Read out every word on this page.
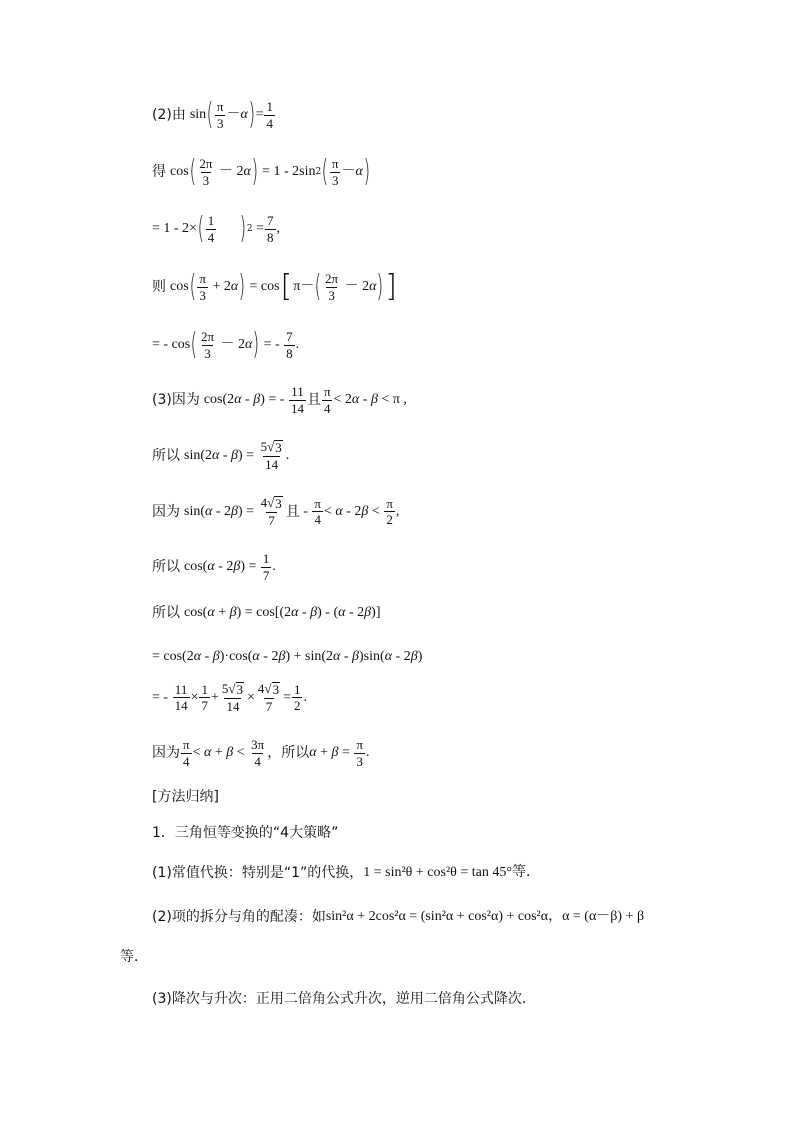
(2)由 sin ( $\frac{\pi}{3} - \alpha$ ) = $\frac{1}{4}$
得 cos ( $\frac{2\pi}{3}$
－ 2 α )
= 1 - 2 sin 2 ( $\frac{\pi}{3} - \alpha$ )
= 1 - 2 × ( $\frac{1}{4}$ ) 2
= $\frac{7}{8}$ ,
则 cos ( $\frac{\pi}{3} + 2$ α )
=
cos [ π － ( $\frac{2\pi}{3}$
－ 2 α ) ]
= - cos ( $\frac{2\pi}{3}$
－ 2 α ) = - $\frac{7}{8}$ .
(3)因为 cos (2 α - β ) = - $\frac{11}{14}$ 且 $\frac{\pi}{4} < 2$ α - β < π ,
所以 sin (2 α - β ) = $\frac{5 √ 3}{14}$ .
因为 sin ( α - 2 β ) = $\frac{4 √ 3}{7}$ 且 - $\frac{\pi}{4} < \alpha - 2$ $\beta < \frac{\pi}{2}$ ,
所以 cos ( α - 2 β ) = $\frac{1}{7}$ .
所以 cos( α + β ) = cos[(2 α - β ) - ( α - 2 β )]
= cos(2 α - β ) · cos( α - 2 β ) + sin(2 α - β )sin( α - 2 β )
= - $\frac{11}{14} \times \frac{1}{7} + \frac{5 √ 3}{14} \times \frac{4 √ 3}{7} = \frac{1}{2}$ .
因为 $\frac{\pi}{4} < \alpha + \beta < \frac{3\pi}{4}$ ，所以 $\alpha + \beta = \frac{\pi}{3}$ .
[方法归纳]
1．三角恒等变换的“4大策略”
(1)常值代换：特别是“1”的代换， 1 = sin²θ + cos²θ = tan 45°等．
(2)项的拆分与角的配凑：如 sin²α + 2cos²α = (sin²α + cos²α) + cos²α，α = (α－β) + β
等．
(3)降次与升次：正用二倍角公式升次，逆用二倍角公式降次．
